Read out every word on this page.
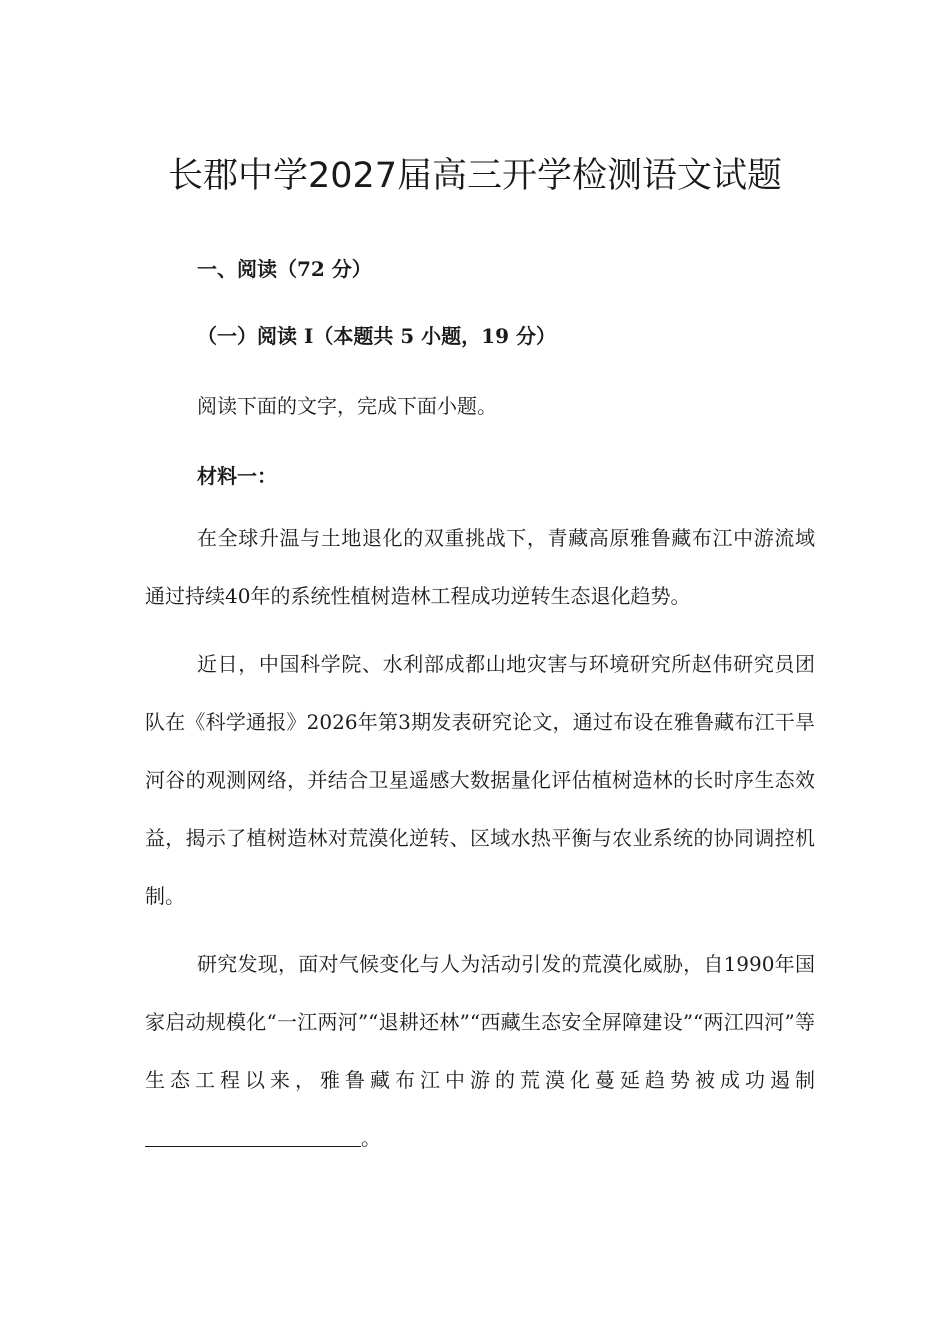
长郡中学2027届高三开学检测语文试题

一、阅读（72 分）

（一）阅读 Ⅰ（本题共 5 小题，19 分）

阅读下面的文字，完成下面小题。

材料一：

在全球升温与土地退化的双重挑战下，青藏高原雅鲁藏布江中游流域通过持续40年的系统性植树造林工程成功逆转生态退化趋势。

近日，中国科学院、水利部成都山地灾害与环境研究所赵伟研究员团队在《科学通报》2026年第3期发表研究论文，通过布设在雅鲁藏布江干旱河谷的观测网络，并结合卫星遥感大数据量化评估植树造林的长时序生态效益，揭示了植树造林对荒漠化逆转、区域水热平衡与农业系统的协同调控机制。

研究发现，面对气候变化与人为活动引发的荒漠化威胁，自1990年国家启动规模化“一江两河”“退耕还林”“西藏生态安全屏障建设”“两江四河”等生态工程以来，雅鲁藏布江中游的荒漠化蔓延趋势被成功遏制。
